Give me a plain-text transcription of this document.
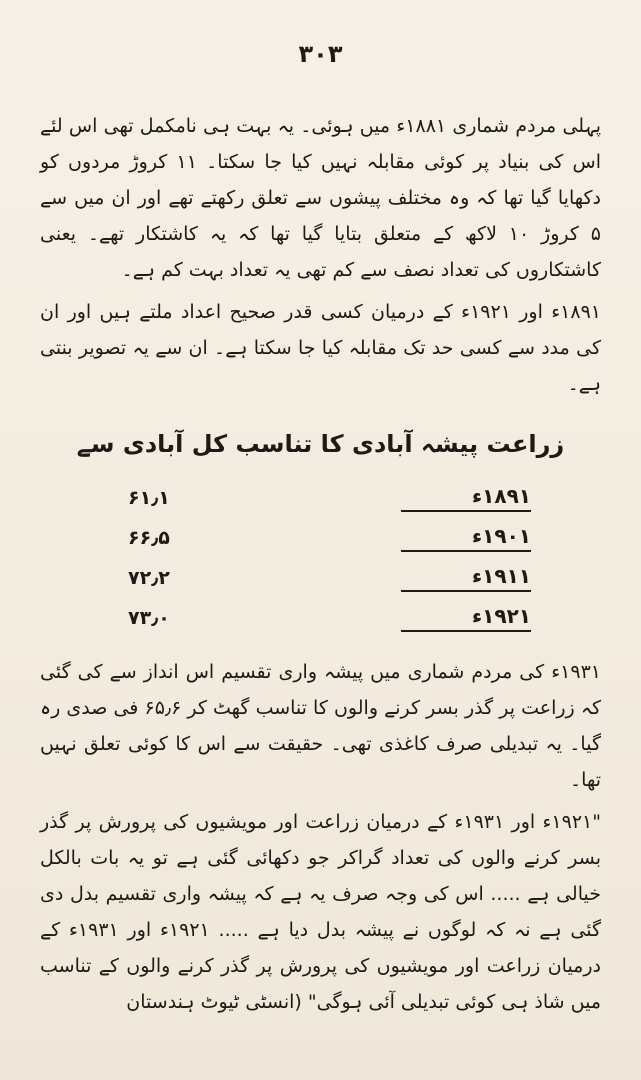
۳۰۳

پہلی مردم شماری ۱۸۸۱ء میں ہوئی۔ یہ بہت ہی نامکمل تھی اس لئے اس کی بنیاد پر کوئی مقابلہ نہیں کیا جا سکتا۔ ۱۱ کروڑ مردوں کو دکھایا گیا تھا کہ وہ مختلف پیشوں سے تعلق رکھتے تھے اور ان میں سے ۵ کروڑ ۱۰ لاکھ کے متعلق بتایا گیا تھا کہ یہ کاشتکار تھے۔ یعنی کاشتکاروں کی تعداد نصف سے کم تھی یہ تعداد بہت کم ہے۔

۱۸۹۱ء اور ۱۹۲۱ء کے درمیان کسی قدر صحیح اعداد ملتے ہیں اور ان کی مدد سے کسی حد تک مقابلہ کیا جا سکتا ہے۔ ان سے یہ تصویر بنتی ہے۔

زراعت پیشہ آبادی کا تناسب کل آبادی سے
۶۱٫۱	۱۸۹۱ء
۶۶٫۵	۱۹۰۱ء
۷۲٫۲	۱۹۱۱ء
۷۳٫۰	۱۹۲۱ء

۱۹۳۱ء کی مردم شماری میں پیشہ واری تقسیم اس انداز سے کی گئی کہ زراعت پر گذر بسر کرنے والوں کا تناسب گھٹ کر ۶۵٫۶ فی صدی رہ گیا۔ یہ تبدیلی صرف کاغذی تھی۔ حقیقت سے اس کا کوئی تعلق نہیں تھا۔

"۱۹۲۱ء اور ۱۹۳۱ء کے درمیان زراعت اور مویشیوں کی پرورش پر گذر بسر کرنے والوں کی تعداد گراکر جو دکھائی گئی ہے تو یہ بات بالکل خیالی ہے ..... اس کی وجہ صرف یہ ہے کہ پیشہ واری تقسیم بدل دی گئی ہے نہ کہ لوگوں نے پیشہ بدل دیا ہے ..... ۱۹۲۱ء اور ۱۹۳۱ء کے درمیان زراعت اور مویشیوں کی پرورش پر گذر کرنے والوں کے تناسب میں شاذ ہی کوئی تبدیلی آئی ہوگی" (انسٹی ٹیوٹ ہندستان
